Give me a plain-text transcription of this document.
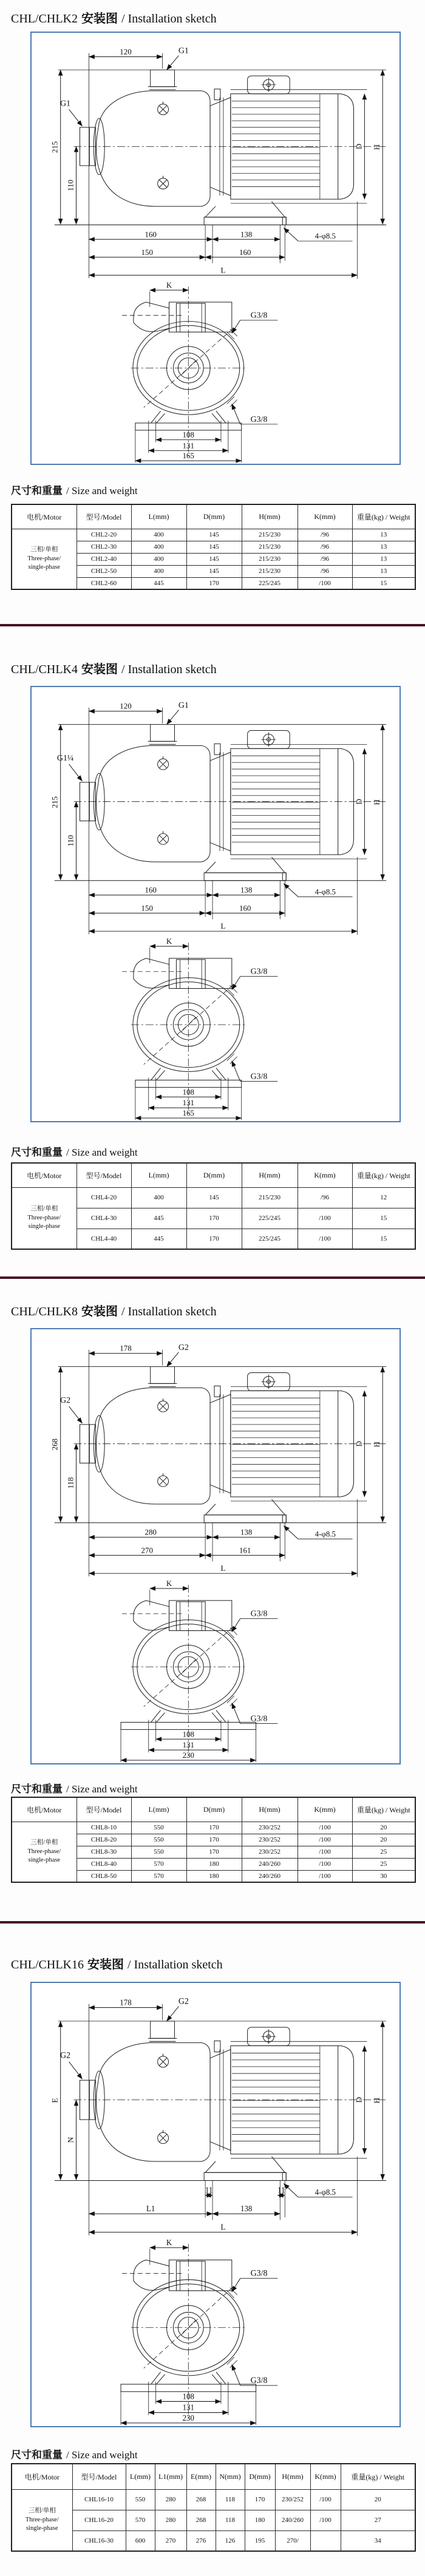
CHL/CHLK2 安装图 / Installation sketch
120
215
110
D H
G1
G1
4-φ8.5
160	138
150	160
L
K
G3/8
G3/8
108
131
165
尺寸和重量 / Size and weight
电机/Motor	型号/Model	L(mm)	D(mm)	H(mm)	K(mm)	重量(kg) / Weight

三相/单相
Three-phase/
single-phase	CHL2-20	400	145	215/230	/96	13
	CHL2-30	400	145	215/230	/96	13
	CHL2-40	400	145	215/230	/96	13
	CHL2-50	400	145	215/230	/96	13
	CHL2-60	445	170	225/245	/100	15
CHL/CHLK4 安装图 / Installation sketch
120
215
110
D H
G1
G1¼
4-φ8.5
160	138
150	160
L
K
G3/8
G3/8
108
131
165
尺寸和重量 / Size and weight
电机/Motor	型号/Model	L(mm)	D(mm)	H(mm)	K(mm)	重量(kg) / Weight

三相/单相
Three-phase/
single-phase	CHL4-20	400	145	215/230	/96	12
	CHL4-30	445	170	225/245	/100	15
	CHL4-40	445	170	225/245	/100	15
CHL/CHLK8 安装图 / Installation sketch
178
268
118
D H
G2
G2
4-φ8.5
280	138
270	161
L
K
G3/8
G3/8
108
131
230
尺寸和重量 / Size and weight
电机/Motor	型号/Model	L(mm)	D(mm)	H(mm)	K(mm)	重量(kg) / Weight

三相/单相
Three-phase/
single-phase	CHL8-10	550	170	230/252	/100	20
	CHL8-20	550	170	230/252	/100	20
	CHL8-30	550	170	230/252	/100	25
	CHL8-40	570	180	240/260	/100	25
	CHL8-50	570	180	240/260	/100	30
CHL/CHLK16 安装图 / Installation sketch
178
E
N
D H
G2
G2
4-φ8.5
11	11
L1	138
L
K
G3/8
G3/8
108
131
230
尺寸和重量 / Size and weight
电机/Motor	型号/Model	L(mm)	L1(mm)	E(mm)	N(mm)	D(mm)	H(mm)	K(mm)	重量(kg) / Weight

三相/单相
Three-phase/
single-phase	CHL16-10	550	280	268	118	170	230/252	/100	20
	CHL16-20	570	280	268	118	180	240/260	/100	27
	CHL16-30	600	270	276	126	195	270/		34
